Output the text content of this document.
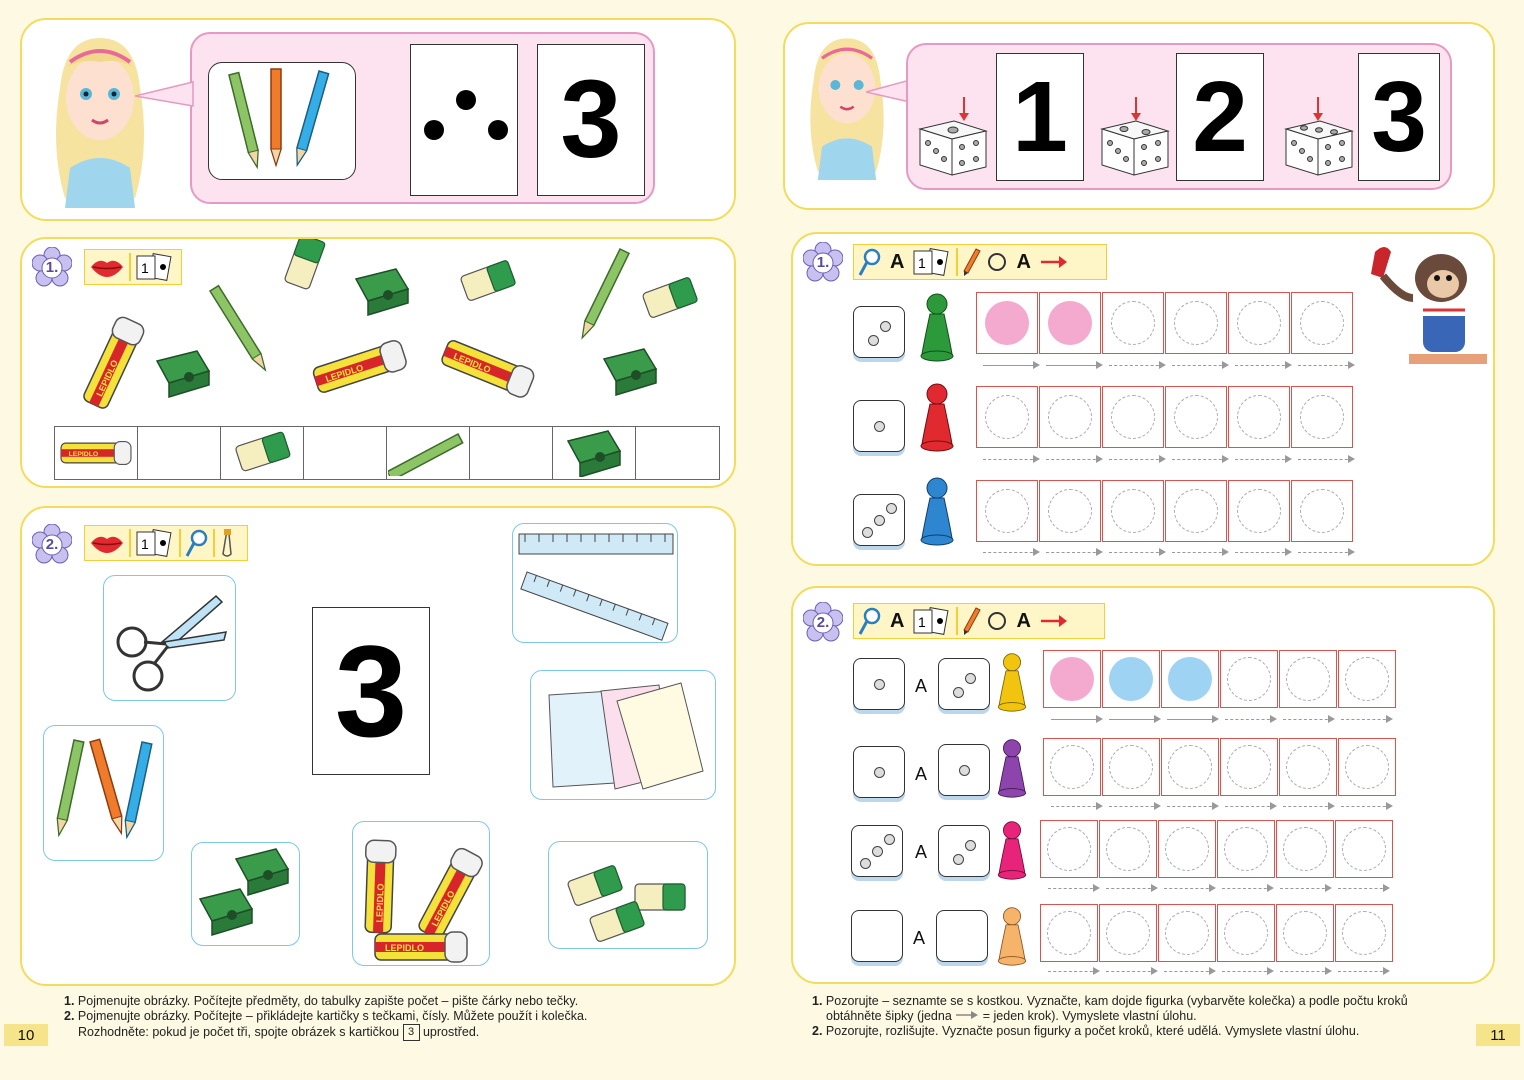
3
1.	1
2.	1
3
1. Pojmenujte obrázky. Počítejte předměty, do tabulky zapište počet – pište čárky nebo tečky.
2. Pojmenujte obrázky. Počítejte – přikládejte kartičky s tečkami, čísly. Můžete použít i kolečka.
Rozhodněte: pokud je počet tři, spojte obrázek s kartičkou 3 uprostřed.
10
1 2 3
1.	A 1	A
2.	A 1	A
A
A
A
A
1. Pozorujte – seznamte se s kostkou. Vyznačte, kam dojde figurka (vybarvěte kolečka) a podle počtu kroků
obtáhněte šipky (jedna = jeden krok). Vymyslete vlastní úlohu.
2. Pozorujte, rozlišujte. Vyznačte posun figurky a počet kroků, které udělá. Vymyslete vlastní úlohu.	11
